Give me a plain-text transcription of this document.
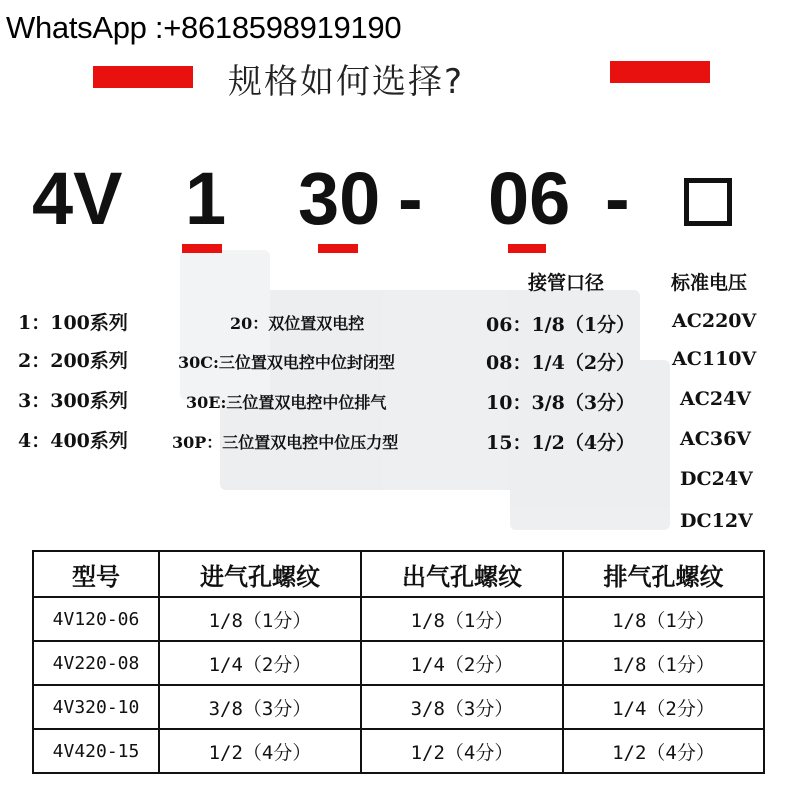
WhatsApp :+8618598919190
规格如何选择?
4V 1 30 - 06 -
接管口径	标准电压
1：100系列
2：200系列
3：300系列
4：400系列
20：双位置双电控
30C:三位置双电控中位封闭型
30E:三位置双电控中位排气
30P：三位置双电控中位压力型
06：1/8（1分）
08：1/4（2分）
10：3/8（3分）
15：1/2（4分）
AC220V
AC110V
AC24V
AC36V
DC24V
DC12V
型号	进气孔螺纹	出气孔螺纹	排气孔螺纹
4V120-06	1/8（1分）	1/8（1分）	1/8（1分）
4V220-08	1/4（2分）	1/4（2分）	1/8（1分）
4V320-10	3/8（3分）	3/8（3分）	1/4（2分）
4V420-15	1/2（4分）	1/2（4分）	1/2（4分）
